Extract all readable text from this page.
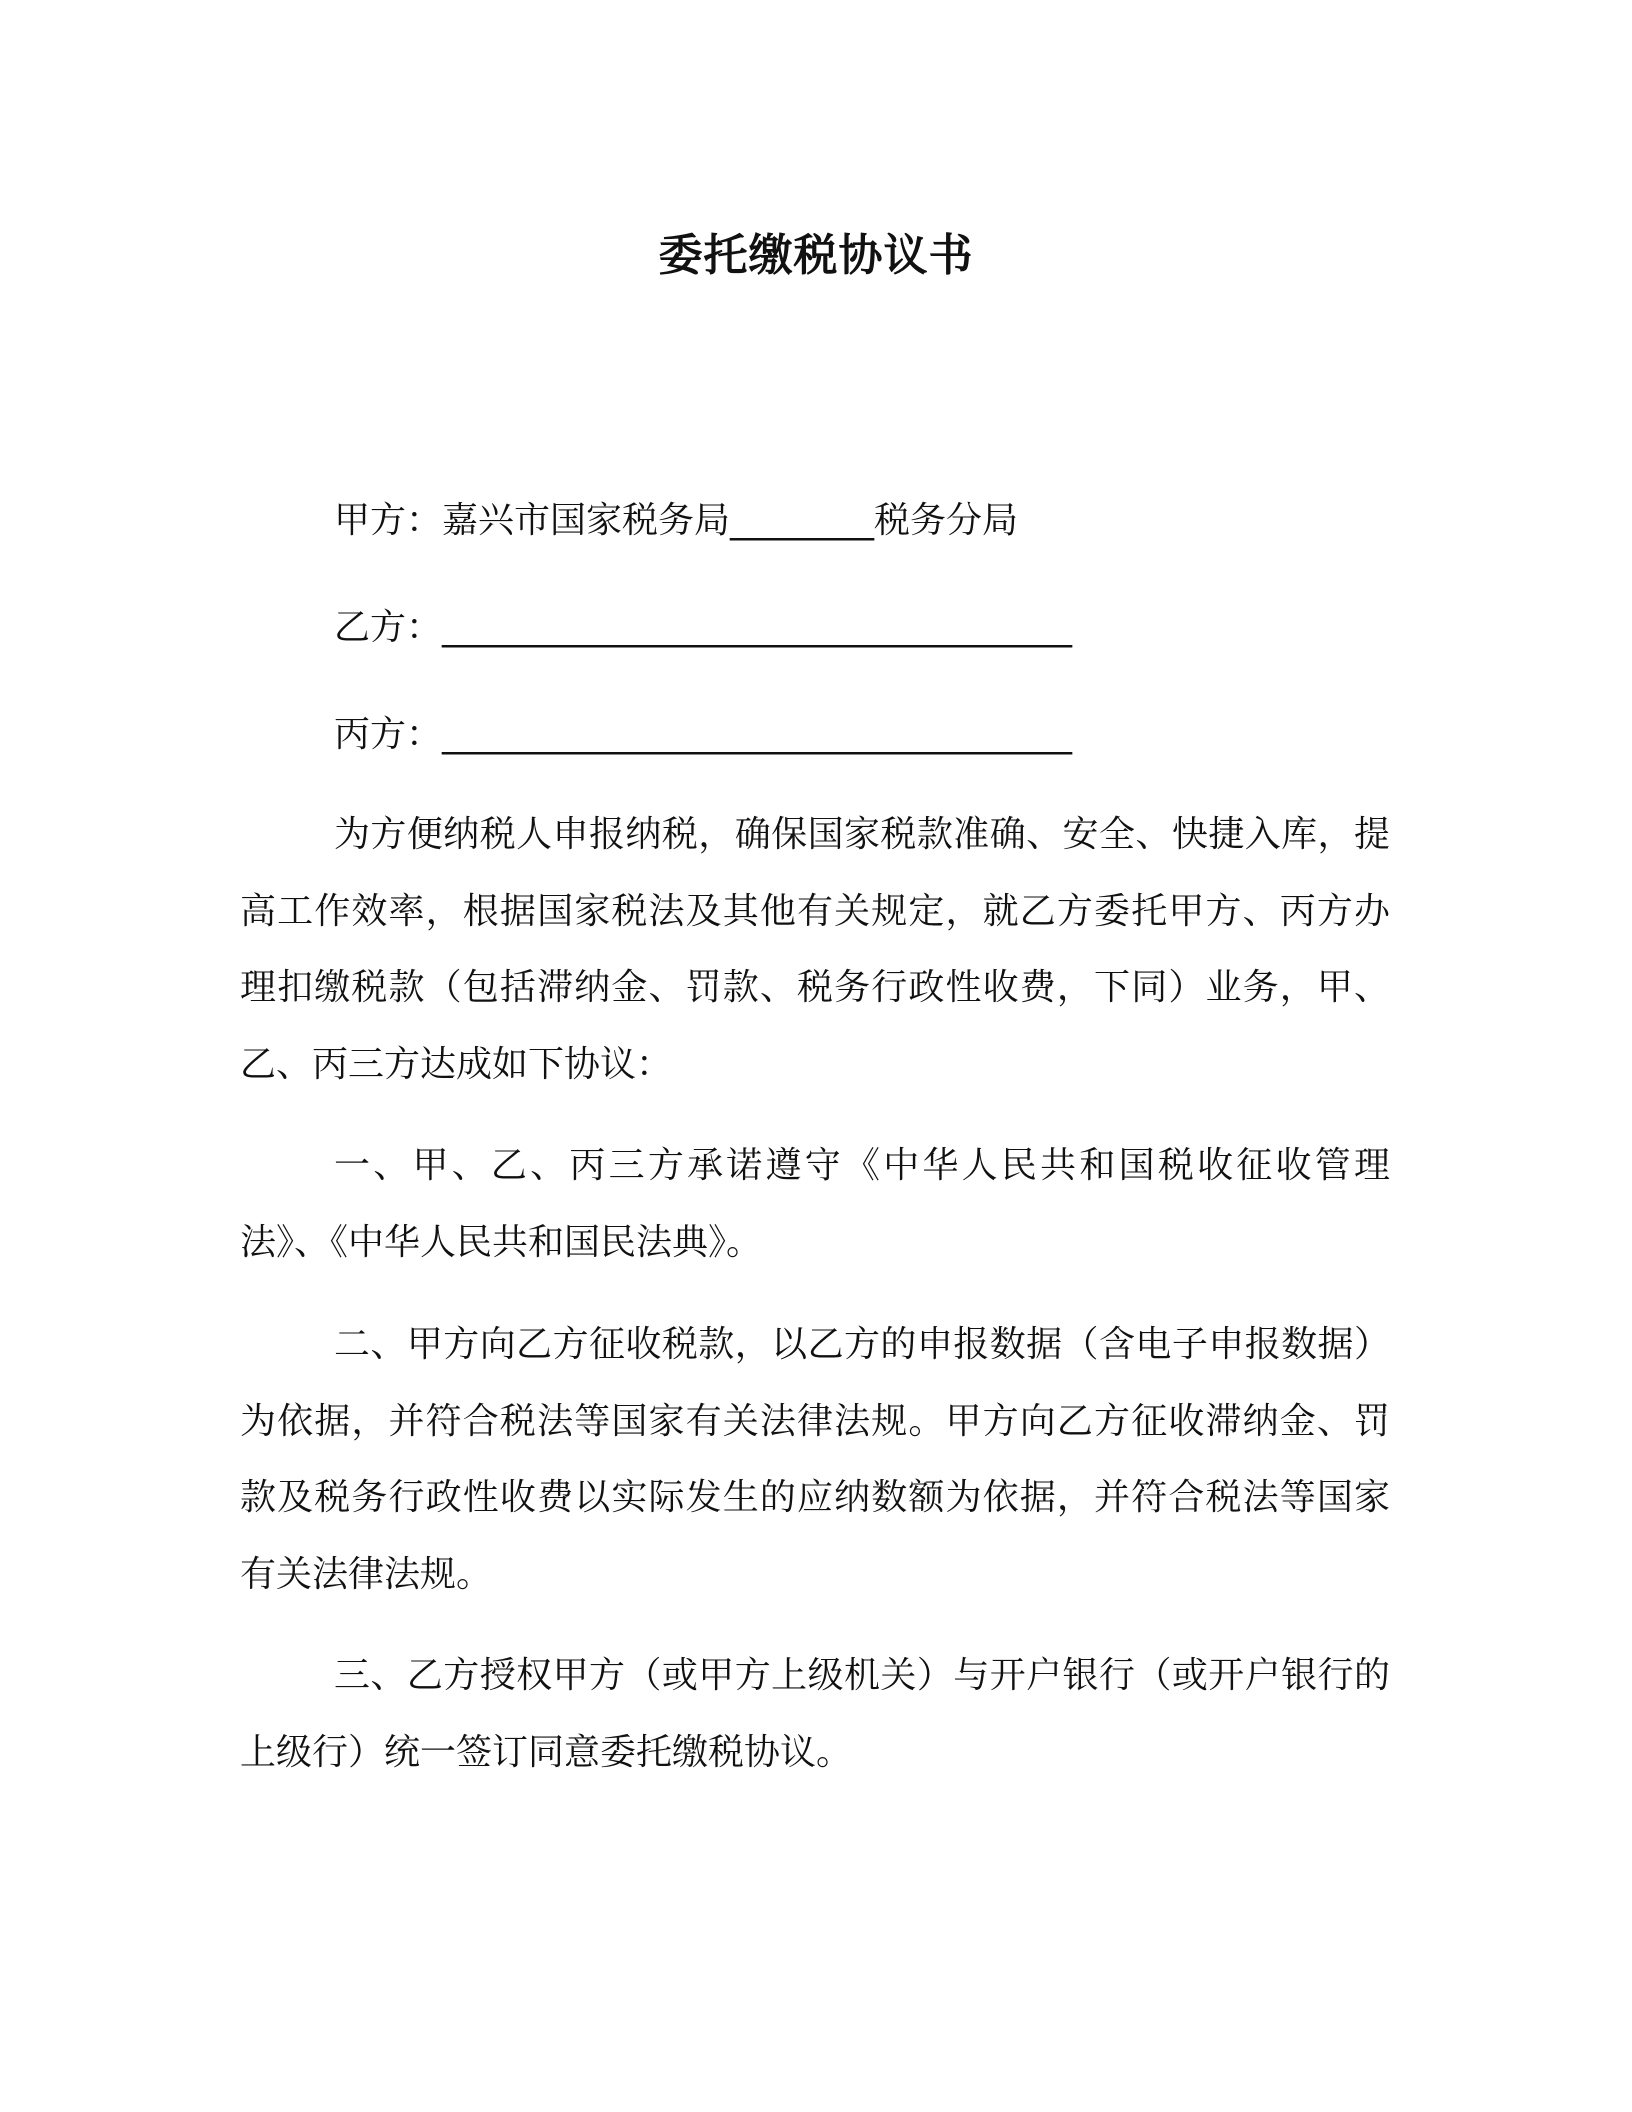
委托缴税协议书
甲方：嘉兴市国家税务局________税务分局
乙方：___________________________________
丙方：___________________________________

为方便纳税人申报纳税，确保国家税款准确、安全、快捷入库，提高工作效率，根据国家税法及其他有关规定，就乙方委托甲方、丙方办理扣缴税款（包括滞纳金、罚款、税务行政性收费，下同）业务，甲、乙、丙三方达成如下协议：

一、甲、乙、丙三方承诺遵守《中华人民共和国税收征收管理法》、《中华人民共和国民法典》。

二、甲方向乙方征收税款，以乙方的申报数据（含电子申报数据）为依据，并符合税法等国家有关法律法规。甲方向乙方征收滞纳金、罚款及税务行政性收费以实际发生的应纳数额为依据，并符合税法等国家有关法律法规。

三、乙方授权甲方（或甲方上级机关）与开户银行（或开户银行的上级行）统一签订同意委托缴税协议。
